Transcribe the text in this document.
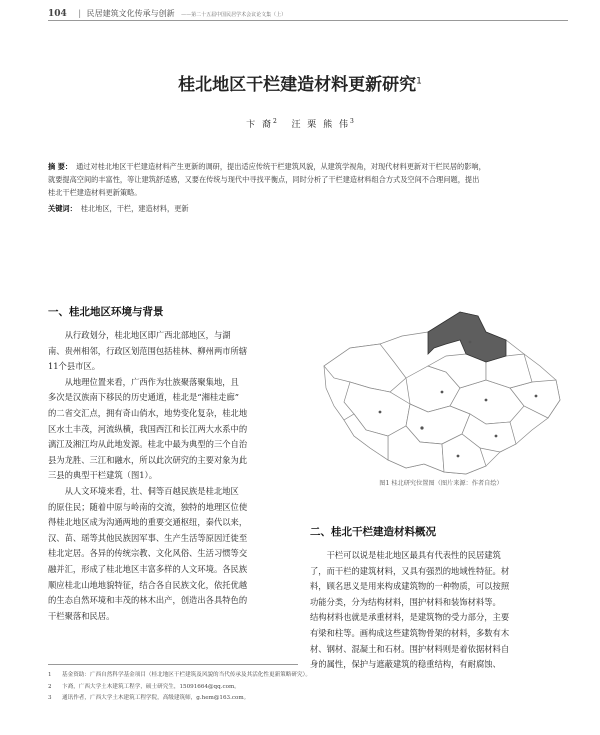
104 | 民居建筑文化传承与创新 ——第二十五届中国民居学术会议论文集（上）
桂北地区干栏建造材料更新研究$^1$
卞 裔$^2$ 汪 栗 熊 伟$^3$
摘 要： 通过对桂北地区干栏建造材料产生更新的调研，提出适应传统干栏建筑风貌，从建筑学视角，对现代材料更新对干栏民居的影响，
就要提高空间的丰富性，等让建筑舒适感，又要在传统与现代中寻找平衡点，同时分析了干栏建造材料组合方式及空间不合理问题，提出
桂北干栏建造材料更新策略。
关键词： 桂北地区，干栏，建造材料，更新
一、桂北地区环境与背景
从行政划分，桂北地区即广西北部地区，与湖
南、贵州相邻，行政区划范围包括桂林、柳州两市所辖
11个县市区。
从地理位置来看，广西作为壮族聚落聚集地，且
多次是汉族南下移民的历史通道，桂北是“湘桂走廊”
的二省交汇点，拥有奇山俏水，地势变化复杂，桂北地
区水土丰茂，河流纵横，我国西江和长江两大水系中的
漓江及湘江均从此地发源。桂北中最为典型的三个自治
县为龙胜、三江和融水，所以此次研究的主要对象为此
三县的典型干栏建筑（图1）。
从人文环境来看，壮、侗等百越民族是桂北地区
的原住民；随着中原与岭南的交流，独特的地理区位使
得桂北地区成为沟通两地的重要交通枢纽，秦代以来，
汉、苗、瑶等其他民族因军事、生产生活等原因迁徙至
桂北定居。各异的传统宗教、文化风俗、生活习惯等交
融并汇，形成了桂北地区丰富多样的人文环境。各民族
顺应桂北山地地貌特征，结合各自民族文化，依托优越
的生态自然环境和丰茂的林木出产，创造出各具特色的
干栏聚落和民居。
图1 桂北研究位置图（图片来源：作者自绘）
二、桂北干栏建造材料概况
干栏可以说是桂北地区最具有代表性的民居建筑
了，而干栏的建筑材料，又具有强烈的地域性特征。材
料，顾名思义是用来构成建筑物的一种物质，可以按照
功能分类，分为结构材料，围护材料和装饰材料等。
结构材料也就是承重材料，是建筑物的受力部分，主要
有梁和柱等。画构成这些建筑物骨架的材料，多数有木
材、钢材、混凝土和石材。围护材料则是着依据材料自
身的属性，保护与遮蔽建筑的稳重结构，有耐腐蚀、
1 基金资助：广西自然科学基金项目（桂北地区干栏建筑及风貌的当代传承及其活化性更新策略研究）。
2 卞裔，广西大学土木建筑工程学，硕士研究生，15091664@qq.com。
3 通讯作者，广西大学土木建筑工程学院，高级建筑师，g.hem@163.com。
